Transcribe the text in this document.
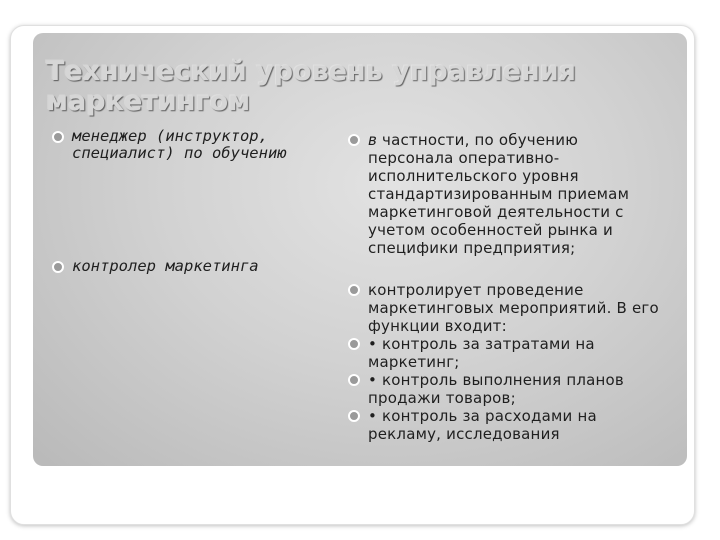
Технический уровень управления маркетингом
менеджер (инструктор, специалист) по обучению
контролер маркетинга
в частности, по обучению персонала оперативно-исполнительского уровня стандартизированным приемам маркетинговой деятельности с учетом особенностей рынка и специфики предприятия;
контролирует проведение маркетинговых мероприятий. В его функции входит:
• контроль за затратами на маркетинг;
• контроль выполнения планов продажи товаров;
• контроль за расходами на рекламу, исследования
